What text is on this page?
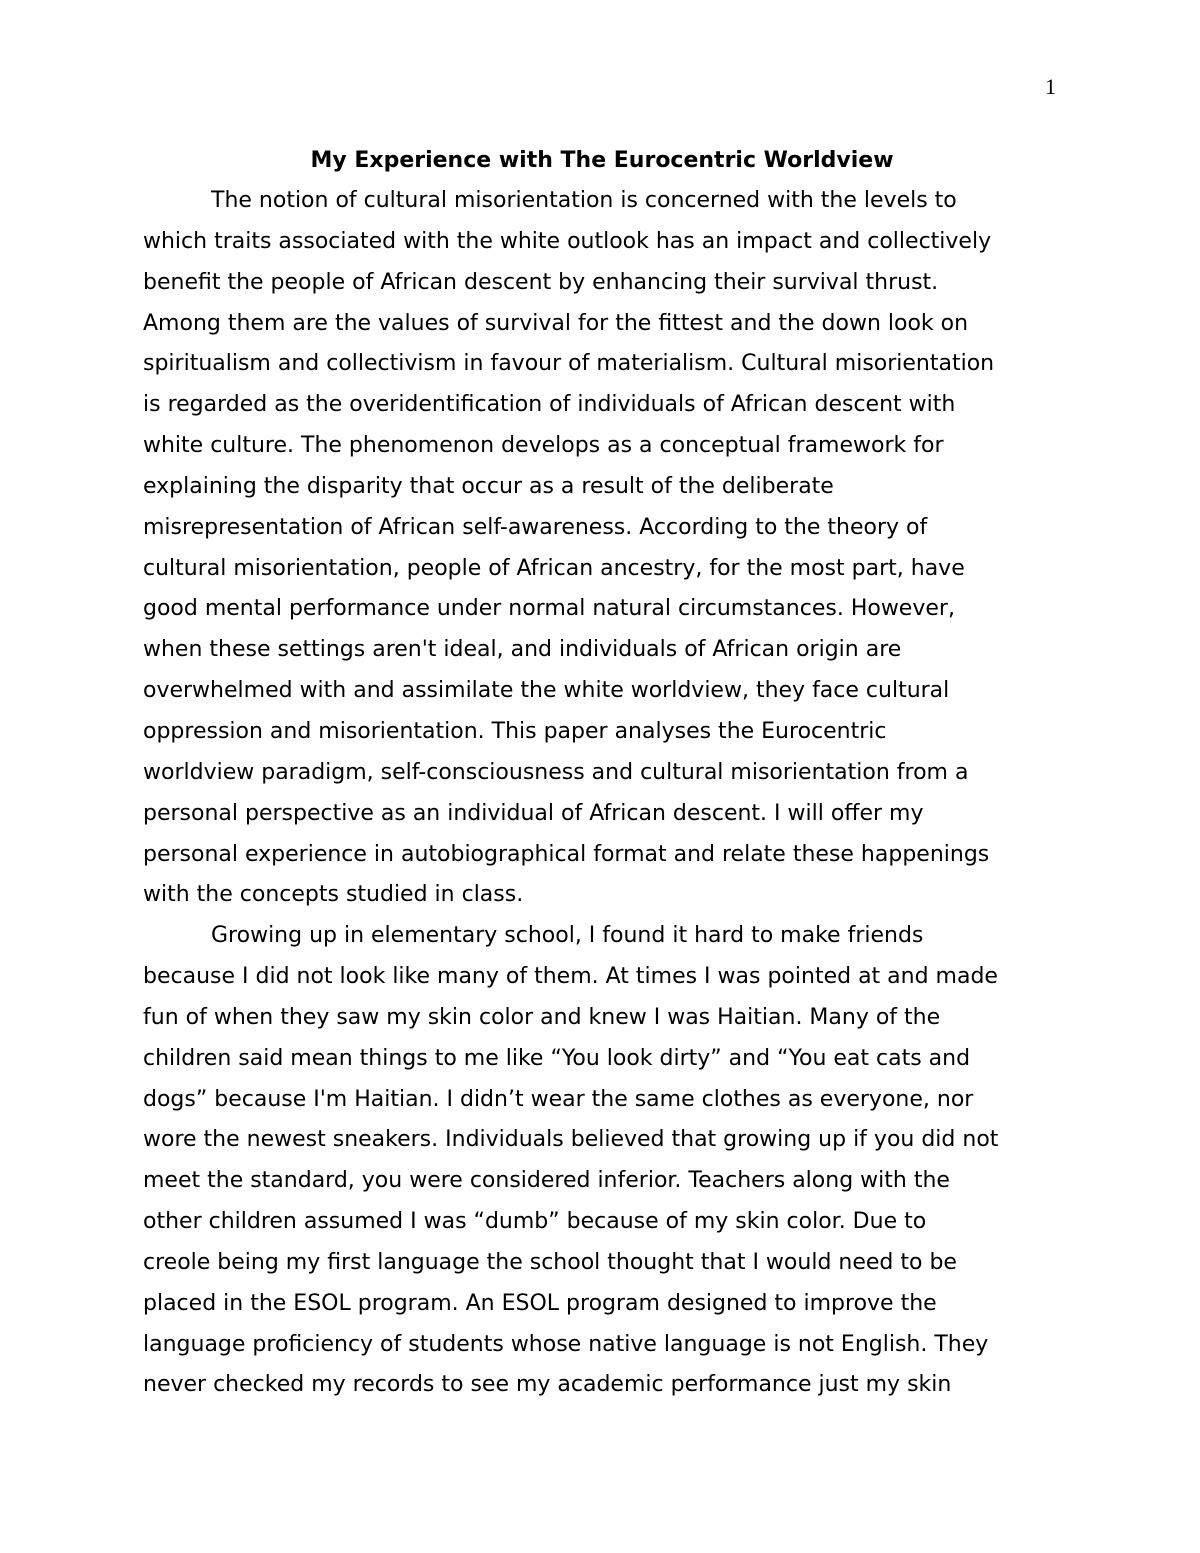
1
My Experience with The Eurocentric Worldview
The notion of cultural misorientation is concerned with the levels to
which traits associated with the white outlook has an impact and collectively
benefit the people of African descent by enhancing their survival thrust.
Among them are the values of survival for the fittest and the down look on
spiritualism and collectivism in favour of materialism. Cultural misorientation
is regarded as the overidentification of individuals of African descent with
white culture. The phenomenon develops as a conceptual framework for
explaining the disparity that occur as a result of the deliberate
misrepresentation of African self-awareness. According to the theory of
cultural misorientation, people of African ancestry, for the most part, have
good mental performance under normal natural circumstances. However,
when these settings aren't ideal, and individuals of African origin are
overwhelmed with and assimilate the white worldview, they face cultural
oppression and misorientation. This paper analyses the Eurocentric
worldview paradigm, self-consciousness and cultural misorientation from a
personal perspective as an individual of African descent. I will offer my
personal experience in autobiographical format and relate these happenings
with the concepts studied in class.
Growing up in elementary school, I found it hard to make friends
because I did not look like many of them. At times I was pointed at and made
fun of when they saw my skin color and knew I was Haitian. Many of the
children said mean things to me like “You look dirty” and “You eat cats and
dogs” because I'm Haitian. I didn’t wear the same clothes as everyone, nor
wore the newest sneakers. Individuals believed that growing up if you did not
meet the standard, you were considered inferior. Teachers along with the
other children assumed I was “dumb” because of my skin color. Due to
creole being my first language the school thought that I would need to be
placed in the ESOL program. An ESOL program designed to improve the
language proficiency of students whose native language is not English. They
never checked my records to see my academic performance just my skin
